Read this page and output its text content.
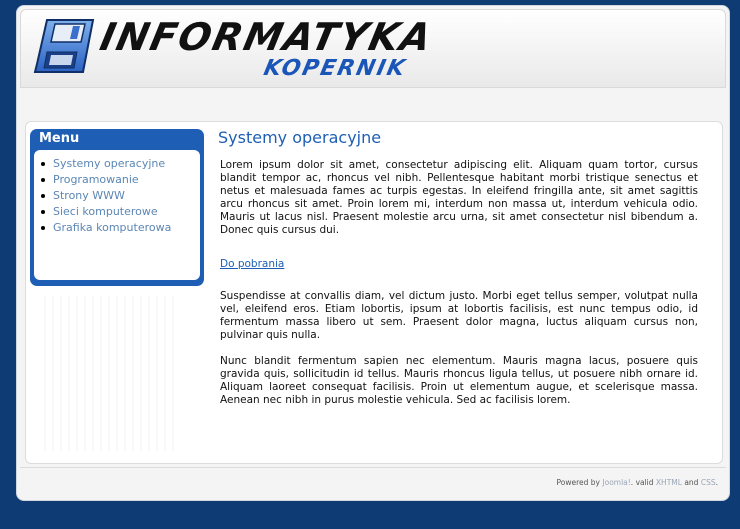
INFORMATYKA
KOPERNIK
Menu
Systemy operacyjne
Programowanie
Strony WWW
Sieci komputerowe
Grafika komputerowa
Systemy operacyjne

Lorem ipsum dolor sit amet, consectetur adipiscing elit. Aliquam quam tortor, cursus blandit tempor ac, rhoncus vel nibh. Pellentesque habitant morbi tristique senectus et netus et malesuada fames ac turpis egestas. In eleifend fringilla ante, sit amet sagittis arcu rhoncus sit amet. Proin lorem mi, interdum non massa ut, interdum vehicula odio. Mauris ut lacus nisl. Praesent molestie arcu urna, sit amet consectetur nisl bibendum a. Donec quis cursus dui.

Do pobrania

Suspendisse at convallis diam, vel dictum justo. Morbi eget tellus semper, volutpat nulla vel, eleifend eros. Etiam lobortis, ipsum at lobortis facilisis, est nunc tempus odio, id fermentum massa libero ut sem. Praesent dolor magna, luctus aliquam cursus non, pulvinar quis nulla.

Nunc blandit fermentum sapien nec elementum. Mauris magna lacus, posuere quis gravida quis, sollicitudin id tellus. Mauris rhoncus ligula tellus, ut posuere nibh ornare id. Aliquam laoreet consequat facilisis. Proin ut elementum augue, et scelerisque massa. Aenean nec nibh in purus molestie vehicula. Sed ac facilisis lorem.

Powered by Joomla!. valid XHTML and CSS.
